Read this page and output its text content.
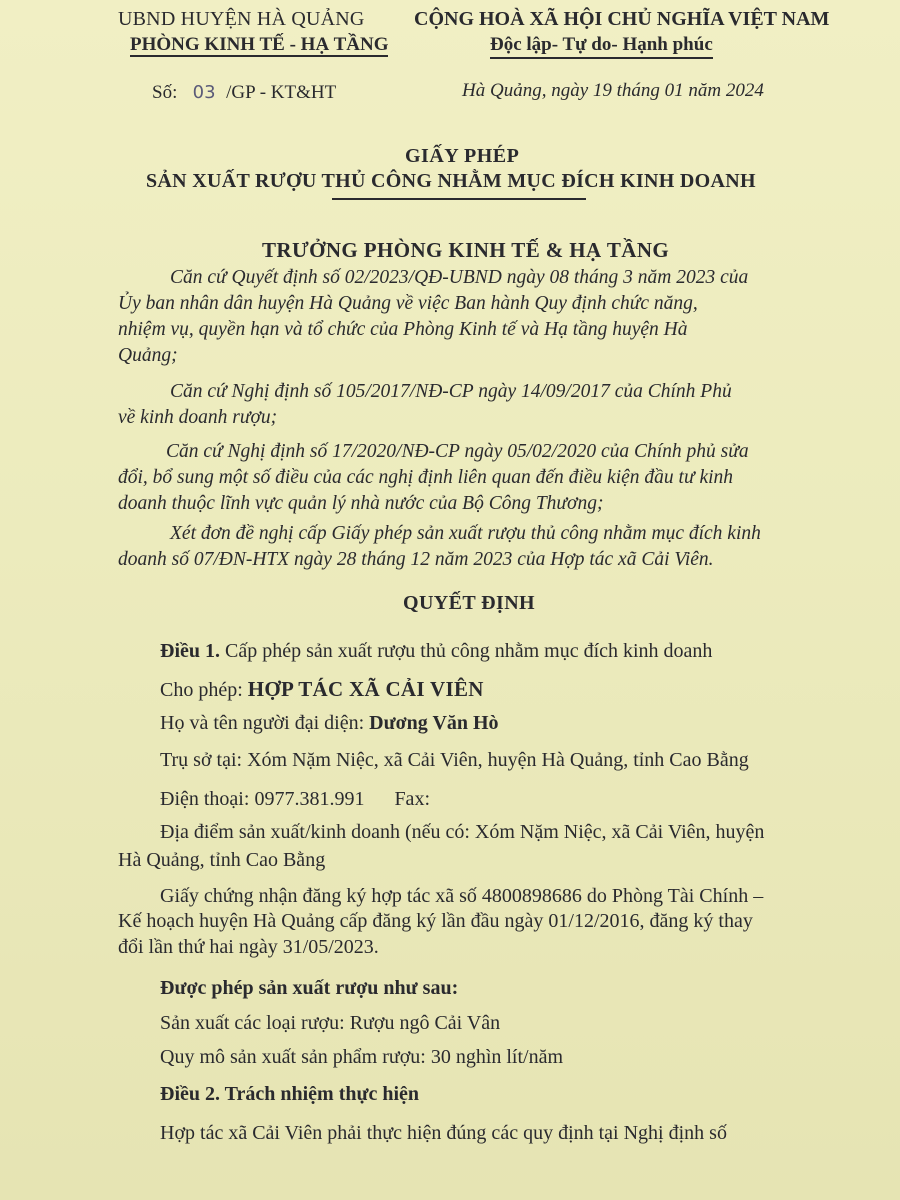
UBND HUYỆN HÀ QUẢNG
PHÒNG KINH TẾ - HẠ TẦNG
CỘNG HOÀ XÃ HỘI CHỦ NGHĨA VIỆT NAM
Độc lập- Tự do- Hạnh phúc
Số: 03 /GP - KT&HT	Hà Quảng, ngày 19 tháng 01 năm 2024
GIẤY PHÉP
SẢN XUẤT RƯỢU THỦ CÔNG NHẰM MỤC ĐÍCH KINH DOANH
TRƯỞNG PHÒNG KINH TẾ & HẠ TẦNG
Căn cứ Quyết định số 02/2023/QĐ-UBND ngày 08 tháng 3 năm 2023 của
Ủy ban nhân dân huyện Hà Quảng về việc Ban hành Quy định chức năng,
nhiệm vụ, quyền hạn và tổ chức của Phòng Kinh tế và Hạ tầng huyện Hà
Quảng;
Căn cứ Nghị định số 105/2017/NĐ-CP ngày 14/09/2017 của Chính Phủ
về kinh doanh rượu;
Căn cứ Nghị định số 17/2020/NĐ-CP ngày 05/02/2020 của Chính phủ sửa
đổi, bổ sung một số điều của các nghị định liên quan đến điều kiện đầu tư kinh
doanh thuộc lĩnh vực quản lý nhà nước của Bộ Công Thương;
Xét đơn đề nghị cấp Giấy phép sản xuất rượu thủ công nhằm mục đích kinh
doanh số 07/ĐN-HTX ngày 28 tháng 12 năm 2023 của Hợp tác xã Cải Viên.
QUYẾT ĐỊNH
Điều 1. Cấp phép sản xuất rượu thủ công nhằm mục đích kinh doanh
Cho phép: HỢP TÁC XÃ CẢI VIÊN
Họ và tên người đại diện: Dương Văn Hò
Trụ sở tại: Xóm Nặm Niệc, xã Cải Viên, huyện Hà Quảng, tỉnh Cao Bằng
Điện thoại: 0977.381.991 Fax:
Địa điểm sản xuất/kinh doanh (nếu có: Xóm Nặm Niệc, xã Cải Viên, huyện
Hà Quảng, tỉnh Cao Bằng
Giấy chứng nhận đăng ký hợp tác xã số 4800898686 do Phòng Tài Chính –
Kế hoạch huyện Hà Quảng cấp đăng ký lần đầu ngày 01/12/2016, đăng ký thay
đổi lần thứ hai ngày 31/05/2023.
Được phép sản xuất rượu như sau:
Sản xuất các loại rượu: Rượu ngô Cải Vân
Quy mô sản xuất sản phẩm rượu: 30 nghìn lít/năm
Điều 2. Trách nhiệm thực hiện
Hợp tác xã Cải Viên phải thực hiện đúng các quy định tại Nghị định số
